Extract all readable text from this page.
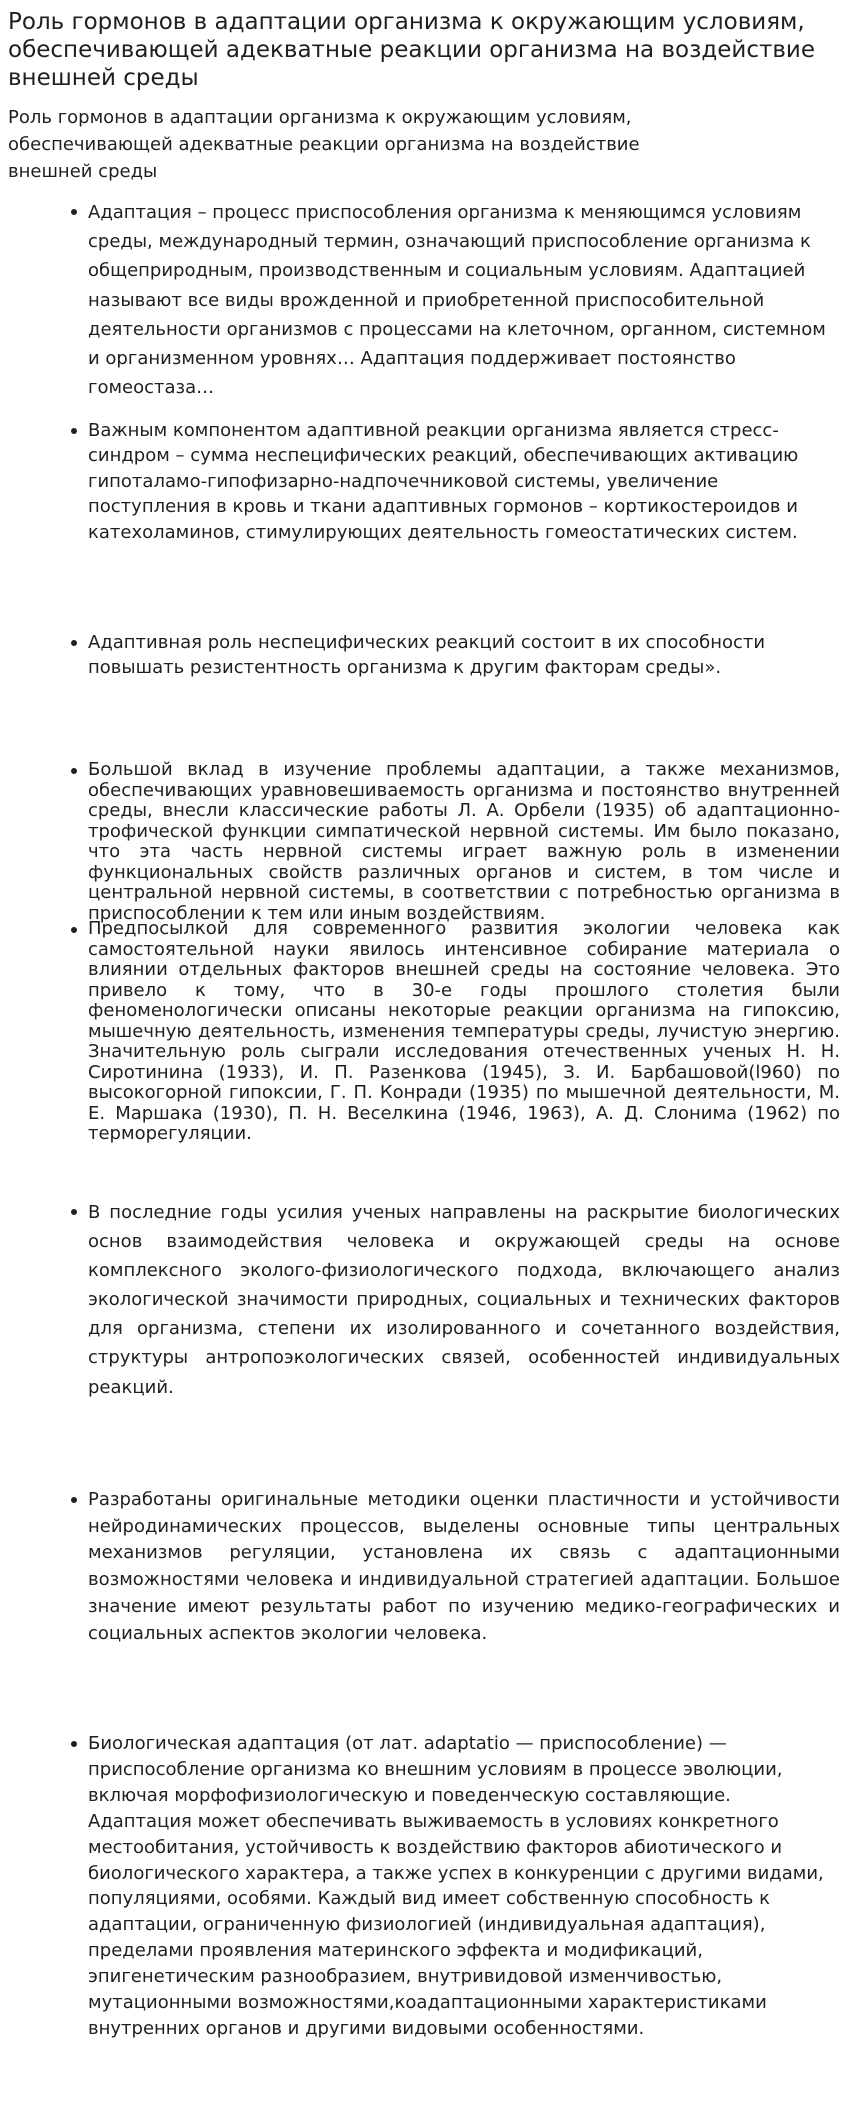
Роль гормонов в адаптации организма к окружающим условиям, обеспечивающей адекватные реакции организма на воздействие внешней среды

Роль гормонов в адаптации организма к окружающим условиям, обеспечивающей адекватные реакции организма на воздействие внешней среды

Адаптация – процесс приспособления организма к меняющимся условиям среды, международный термин, означающий приспособление организма к общеприродным, производственным и социальным условиям. Адаптацией называют все виды врожденной и приобретенной приспособительной деятельности организмов с процессами на клеточном, органном, системном и организменном уровнях… Адаптация поддерживает постоянство гомеостаза…
Важным компонентом адаптивной реакции организма является стресс-синдром – сумма неспецифических реакций, обеспечивающих активацию гипоталамо-гипофизарно-надпочечниковой системы, увеличение поступления в кровь и ткани адаптивных гормонов – кортикостероидов и катехоламинов, стимулирующих деятельность гомеостатических систем.
Адаптивная роль неспецифических реакций состоит в их способности повышать резистентность организма к другим факторам среды».
Большой вклад в изучение проблемы адаптации, а также механизмов, обеспечивающих уравновешиваемость организма и постоянство внутренней среды, внесли классические работы Л. А. Орбели (1935) об адаптационно-трофической функции симпатической нервной системы. Им было показано, что эта часть нервной системы играет важную роль в изменении функциональных свойств различных органов и систем, в том числе и центральной нервной системы, в соответствии с потребностью организма в приспособлении к тем или иным воздействиям.
Предпосылкой для современного развития экологии человека как самостоятельной науки явилось интенсивное собирание материала о влиянии отдельных факторов внешней среды на состояние человека. Это привело к тому, что в 30-е годы прошлого столетия были феноменологически описаны некоторые реакции организма на гипоксию, мышечную деятельность, изменения температуры среды, лучистую энергию. Значительную роль сыграли исследования отечественных ученых Н. Н. Сиротинина (1933), И. П. Разенкова (1945), З. И. Барбашовой(l960) по высокогорной гипоксии, Г. П. Конради (1935) по мышечной деятельности, М. Е. Маршака (1930), П. Н. Веселкина (1946, 1963), А. Д. Слонима (1962) по терморегуляции.
В последние годы усилия ученых направлены на раскрытие биологических основ взаимодействия человека и окружающей среды на основе комплексного эколого-физиологического подхода, включающего анализ экологической значимости природных, социальных и технических факторов для организма, степени их изолированного и сочетанного воздействия, структуры антропоэкологических связей, особенностей индивидуальных реакций.
Разработаны оригинальные методики оценки пластичности и устойчивости нейродинамических процессов, выделены основные типы центральных механизмов регуляции, установлена их связь с адаптационными возможностями человека и индивидуальной стратегией адаптации. Большое значение имеют результаты работ по изучению медико-географических и социальных аспектов экологии человека.
Биологическая адаптация (от лат. adaptatio — приспособление) — приспособление организма ко внешним условиям в процессе эволюции, включая морфофизиологическую и поведенческую составляющие. Адаптация может обеспечивать выживаемость в условиях конкретного местообитания, устойчивость к воздействию факторов абиотического и биологического характера, а также успех в конкуренции с другими видами, популяциями, особями. Каждый вид имеет собственную способность к адаптации, ограниченную физиологией (индивидуальная адаптация), пределами проявления материнского эффекта и модификаций, эпигенетическим разнообразием, внутривидовой изменчивостью, мутационными возможностями,коадаптационными характеристиками внутренних органов и другими видовыми особенностями.
